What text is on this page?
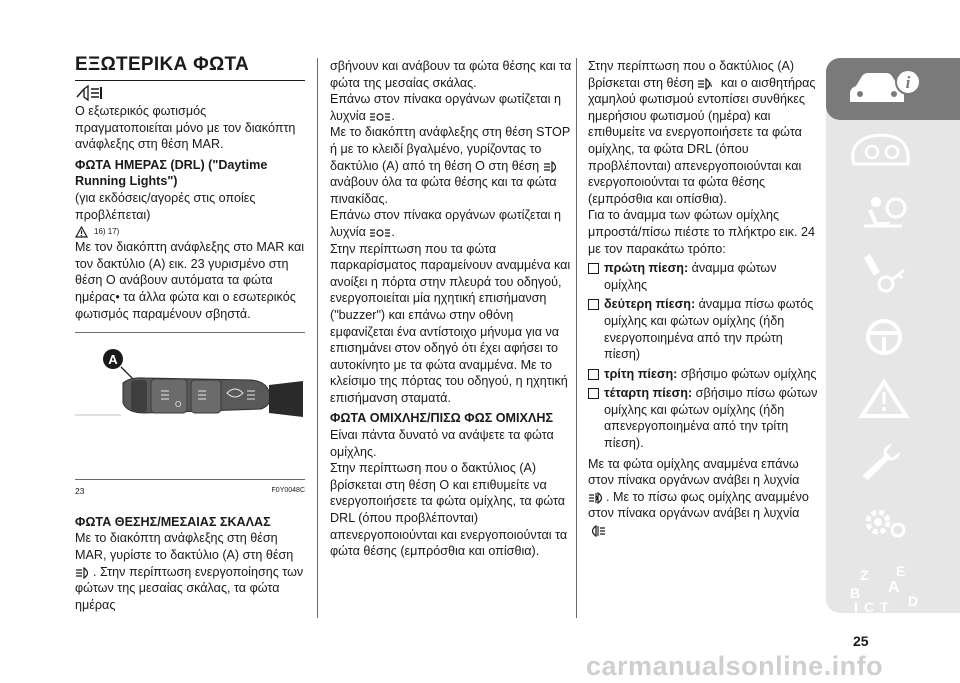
ΕΞΩΤΕΡΙΚΑ ΦΩΤΑ

Ο εξωτερικός φωτισμός πραγματοποιείται μόνο με τον διακόπτη ανάφλεξης στη θέση MAR.

ΦΩΤΑ ΗΜΕΡΑΣ (DRL) ("Daytime Running Lights")

(για εκδόσεις/αγορές στις οποίες προβλέπεται)

16) 17)

Με τον διακόπτη ανάφλεξης στο MAR και τον δακτύλιο (A) εικ. 23 γυρισμένο στη θέση O ανάβουν αυτόματα τα φώτα ημέρας• τα άλλα φώτα και ο εσωτερικός φωτισμός παραμένουν σβηστά.

A
O
23	F0Y0048C
ΦΩΤΑ ΘΕΣΗΣ/ΜΕΣΑΙΑΣ ΣΚΑΛΑΣ

Με το διακόπτη ανάφλεξης στη θέση MAR, γυρίστε το δακτύλιο (A) στη θέση . Στην περίπτωση ενεργοποίησης των φώτων της μεσαίας σκάλας, τα φώτα ημέρας

σβήνουν και ανάβουν τα φώτα θέσης και τα φώτα της μεσαίας σκάλας.

Επάνω στον πίνακα οργάνων φωτίζεται η λυχνία .

Με το διακόπτη ανάφλεξης στη θέση STOP ή με το κλειδί βγαλμένο, γυρίζοντας το δακτύλιο (A) από τη θέση O στη θέση  ανάβουν όλα τα φώτα θέσης και τα φώτα πινακίδας.

Επάνω στον πίνακα οργάνων φωτίζεται η λυχνία .

Στην περίπτωση που τα φώτα παρκαρίσματος παραμείνουν αναμμένα και ανοίξει η πόρτα στην πλευρά του οδηγού, ενεργοποιείται μία ηχητική επισήμανση ("buzzer") και επάνω στην οθόνη εμφανίζεται ένα αντίστοιχο μήνυμα για να επισημάνει στον οδηγό ότι έχει αφήσει το αυτοκίνητο με τα φώτα αναμμένα. Με το κλείσιμο της πόρτας του οδηγού, η ηχητική επισήμανση σταματά.

ΦΩΤΑ ΟΜΙΧΛΗΣ/ΠΙΣΩ ΦΩΣ ΟΜΙΧΛΗΣ

Είναι πάντα δυνατό να ανάψετε τα φώτα ομίχλης.

Στην περίπτωση που ο δακτύλιος (A) βρίσκεται στη θέση O και επιθυμείτε να ενεργοποιήσετε τα φώτα ομίχλης, τα φώτα DRL (όπου προβλέπονται) απενεργοποιούνται και ενεργοποιούνται τα φώτα θέσης (εμπρόσθια και οπίσθια).

Στην περίπτωση που ο δακτύλιος (A) βρίσκεται στη θέση A και ο αισθητήρας χαμηλού φωτισμού εντοπίσει συνθήκες ημερήσιου φωτισμού (ημέρα) και επιθυμείτε να ενεργοποιήσετε τα φώτα ομίχλης, τα φώτα DRL (όπου προβλέπονται) απενεργοποιούνται και ενεργοποιούνται τα φώτα θέσης (εμπρόσθια και οπίσθια).

Για το άναμμα των φώτων ομίχλης μπροστά/πίσω πιέστε το πλήκτρο εικ. 24 με τον παρακάτω τρόπο:

πρώτη πίεση: άναμμα φώτων ομίχλης
δεύτερη πίεση: άναμμα πίσω φωτός ομίχλης και φώτων ομίχλης (ήδη ενεργοποιημένα από την πρώτη πίεση)
τρίτη πίεση: σβήσιμο φώτων ομίχλης
τέταρτη πίεση: σβήσιμο πίσω φώτων ομίχλης και φώτων ομίχλης (ήδη απενεργοποιημένα από την τρίτη πίεση).

Με τα φώτα ομίχλης αναμμένα επάνω στον πίνακα οργάνων ανάβει η λυχνία . Με το πίσω φως ομίχλης αναμμένο στον πίνακα οργάνων ανάβει η λυχνία

i
Z E
B A
C T D
I
25
carmanualsonline.info
